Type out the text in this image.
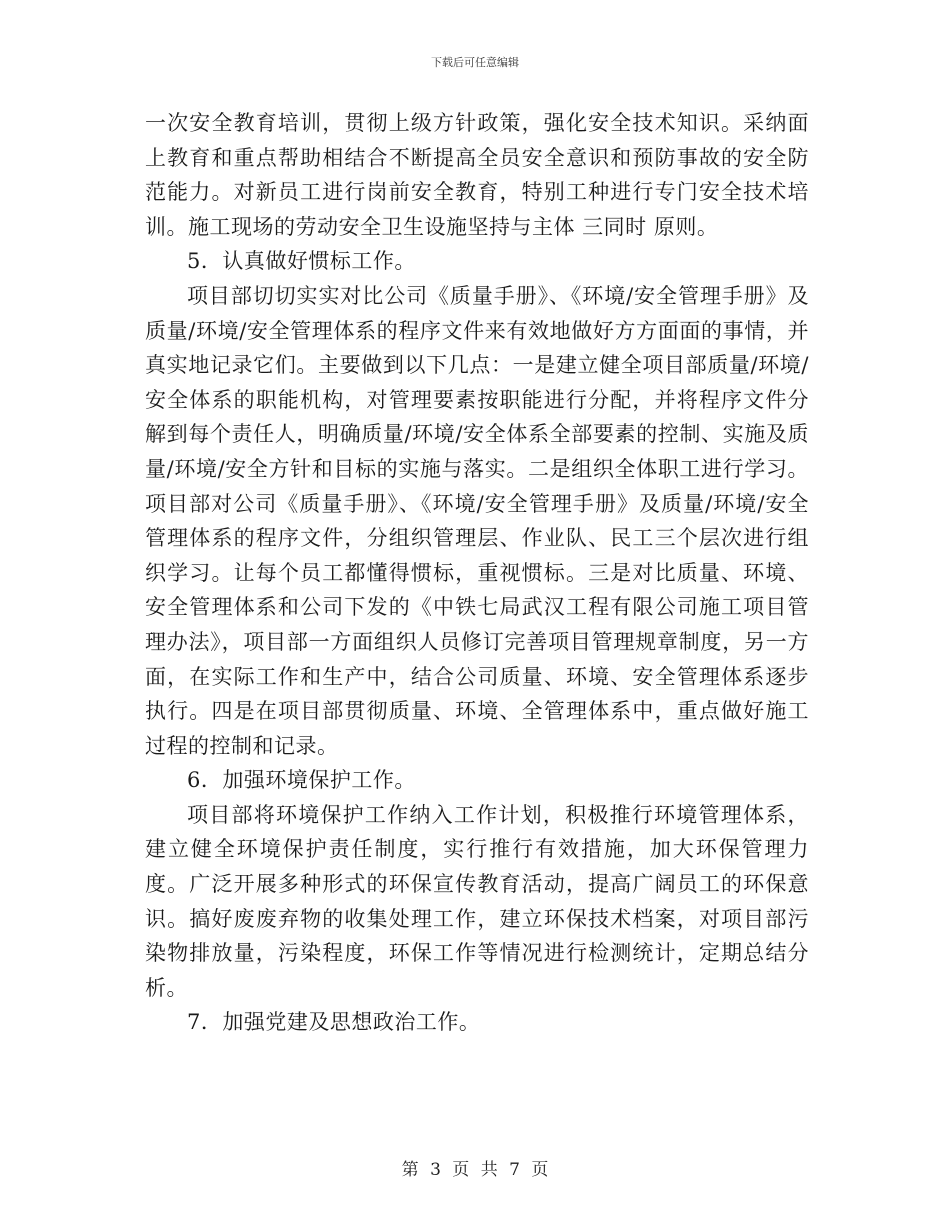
下载后可任意编辑

一次安全教育培训，贯彻上级方针政策，强化安全技术知识。采纳面上教育和重点帮助相结合不断提高全员安全意识和预防事故的安全防范能力。对新员工进行岗前安全教育，特别工种进行专门安全技术培训。施工现场的劳动安全卫生设施坚持与主体 三同时 原则。

5．认真做好惯标工作。

项目部切切实实对比公司《质量手册》、《环境/安全管理手册》及质量/环境/安全管理体系的程序文件来有效地做好方方面面的事情，并真实地记录它们。主要做到以下几点：一是建立健全项目部质量/环境/安全体系的职能机构，对管理要素按职能进行分配，并将程序文件分解到每个责任人，明确质量/环境/安全体系全部要素的控制、实施及质量/环境/安全方针和目标的实施与落实。二是组织全体职工进行学习。项目部对公司《质量手册》、《环境/安全管理手册》及质量/环境/安全管理体系的程序文件，分组织管理层、作业队、民工三个层次进行组织学习。让每个员工都懂得惯标，重视惯标。三是对比质量、环境、安全管理体系和公司下发的《中铁七局武汉工程有限公司施工项目管理办法》，项目部一方面组织人员修订完善项目管理规章制度，另一方面，在实际工作和生产中，结合公司质量、环境、安全管理体系逐步执行。四是在项目部贯彻质量、环境、全管理体系中，重点做好施工过程的控制和记录。

6．加强环境保护工作。

项目部将环境保护工作纳入工作计划，积极推行环境管理体系，建立健全环境保护责任制度，实行推行有效措施，加大环保管理力度。广泛开展多种形式的环保宣传教育活动，提高广阔员工的环保意识。搞好废废弃物的收集处理工作，建立环保技术档案，对项目部污染物排放量，污染程度，环保工作等情况进行检测统计，定期总结分析。

7．加强党建及思想政治工作。

第 3 页 共 7 页
